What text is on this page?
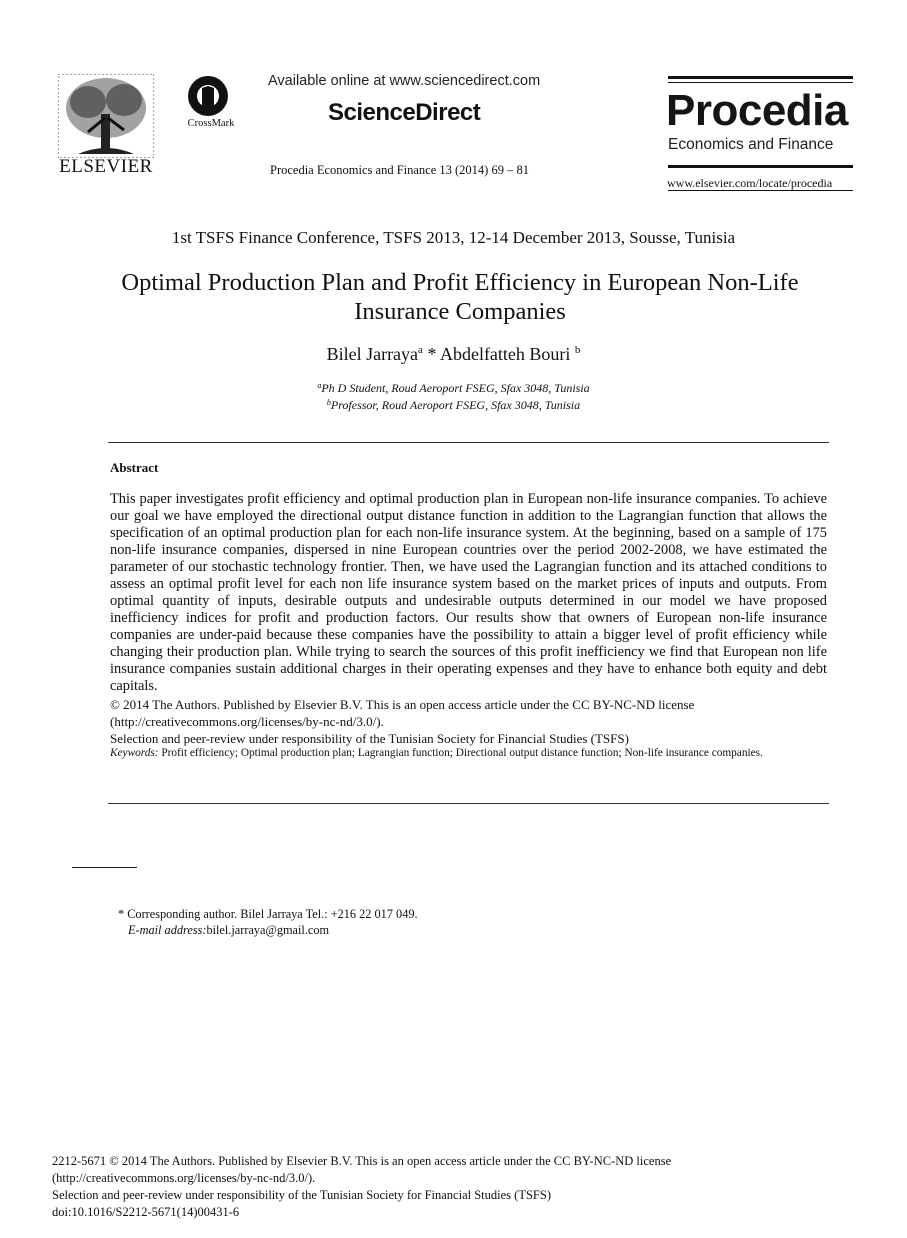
ELSEVIER
CrossMark
Available online at www.sciencedirect.com
ScienceDirect
Procedia Economics and Finance 13 (2014) 69 – 81
Procedia
Economics and Finance
www.elsevier.com/locate/procedia
1st TSFS Finance Conference, TSFS 2013, 12-14 December 2013, Sousse, Tunisia
Optimal Production Plan and Profit Efficiency in European Non-Life Insurance Companies
Bilel Jarraya$^a$ * Abdelfatteh Bouri $^b$
$^a$Ph D Student, Roud Aeroport FSEG, Sfax 3048, Tunisia
$^b$Professor, Roud Aeroport FSEG, Sfax 3048, Tunisia
Abstract
This paper investigates profit efficiency and optimal production plan in European non-life insurance companies. To achieve our goal we have employed the directional output distance function in addition to the Lagrangian function that allows the specification of an optimal production plan for each non-life insurance system. At the beginning, based on a sample of 175 non-life insurance companies, dispersed in nine European countries over the period 2002-2008, we have estimated the parameter of our stochastic technology frontier. Then, we have used the Lagrangian function and its attached conditions to assess an optimal profit level for each non life insurance system based on the market prices of inputs and outputs. From optimal quantity of inputs, desirable outputs and undesirable outputs determined in our model we have proposed inefficiency indices for profit and production factors. Our results show that owners of European non-life insurance companies are under-paid because these companies have the possibility to attain a bigger level of profit efficiency while changing their production plan. While trying to search the sources of this profit inefficiency we find that European non life insurance companies sustain additional charges in their operating expenses and they have to enhance both equity and debt capitals.
© 2014 The Authors. Published by Elsevier B.V. This is an open access article under the CC BY-NC-ND license
(http://creativecommons.org/licenses/by-nc-nd/3.0/).
Selection and peer-review under responsibility of the Tunisian Society for Financial Studies (TSFS)
Keywords: Profit efficiency; Optimal production plan; Lagrangian function; Directional output distance function; Non-life insurance companies.
* Corresponding author. Bilel Jarraya Tel.: +216 22 017 049.
E-mail address:bilel.jarraya@gmail.com
2212-5671 © 2014 The Authors. Published by Elsevier B.V. This is an open access article under the CC BY-NC-ND license
(http://creativecommons.org/licenses/by-nc-nd/3.0/).
Selection and peer-review under responsibility of the Tunisian Society for Financial Studies (TSFS)
doi:10.1016/S2212-5671(14)00431-6
